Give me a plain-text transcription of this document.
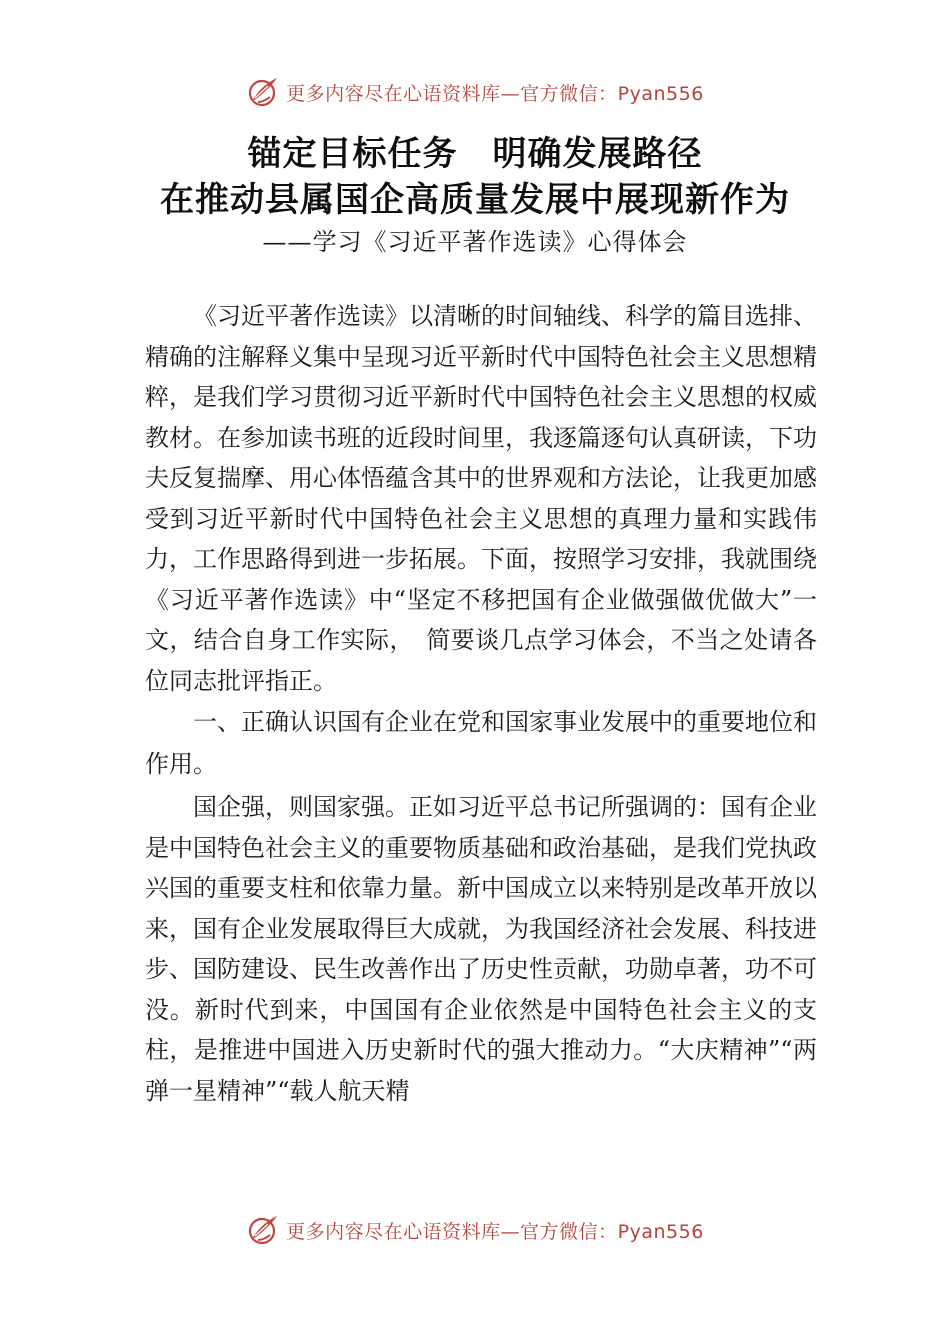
更多内容尽在心语资料库—官方微信：Pyan556
锚定目标任务　明确发展路径
在推动县属国企高质量发展中展现新作为
——学习《习近平著作选读》心得体会

《习近平著作选读》以清晰的时间轴线、科学的篇目选排、精确的注解释义集中呈现习近平新时代中国特色社会主义思想精粹，是我们学习贯彻习近平新时代中国特色社会主义思想的权威教材。在参加读书班的近段时间里，我逐篇逐句认真研读，下功夫反复揣摩、用心体悟蕴含其中的世界观和方法论，让我更加感受到习近平新时代中国特色社会主义思想的真理力量和实践伟力，工作思路得到进一步拓展。下面，按照学习安排，我就围绕《习近平著作选读》中“坚定不移把国有企业做强做优做大”一文，结合自身工作实际，　简要谈几点学习体会，不当之处请各位同志批评指正。

一、正确认识国有企业在党和国家事业发展中的重要地位和作用。

国企强，则国家强。正如习近平总书记所强调的：国有企业是中国特色社会主义的重要物质基础和政治基础，是我们党执政兴国的重要支柱和依靠力量。新中国成立以来特别是改革开放以来，国有企业发展取得巨大成就，为我国经济社会发展、科技进步、国防建设、民生改善作出了历史性贡献，功勋卓著，功不可没。新时代到来，中国国有企业依然是中国特色社会主义的支柱，是推进中国进入历史新时代的强大推动力。“大庆精神”“两弹一星精神”“载人航天精

更多内容尽在心语资料库—官方微信：Pyan556
